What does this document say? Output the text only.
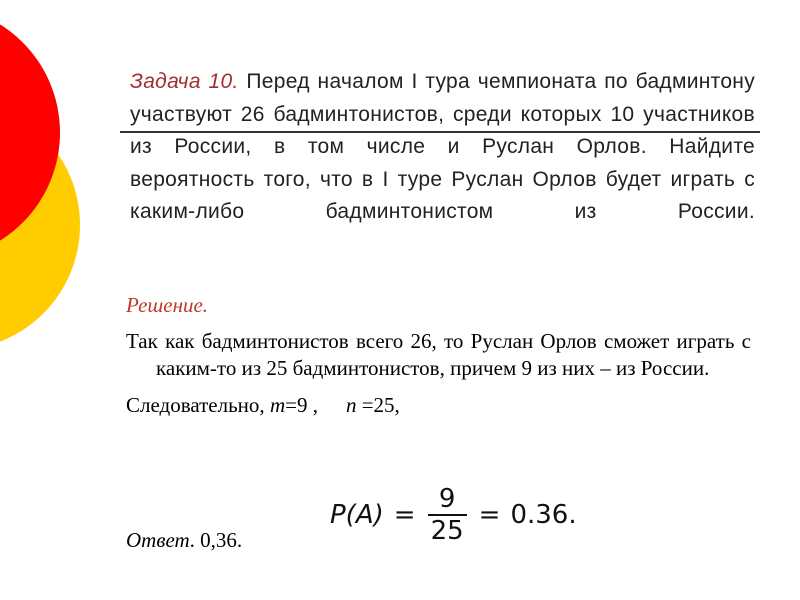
Задача 10. Перед началом I тура чемпионата по бадминтону участвуют 26 бадминтонистов, среди которых 10 участников из России, в том числе и Руслан Орлов. Найдите вероятность того, что в I туре Руслан Орлов будет играть с каким-либо бадминтонистом из России.

Решение.

Так как бадминтонистов всего 26, то Руслан Орлов сможет играть с каким-то из 25 бадминтонистов, причем 9 из них – из России.

Следовательно, m=9 , n =25,

$P(A) = \frac{9}{25} = 0.36$.
Ответ. 0,36.
